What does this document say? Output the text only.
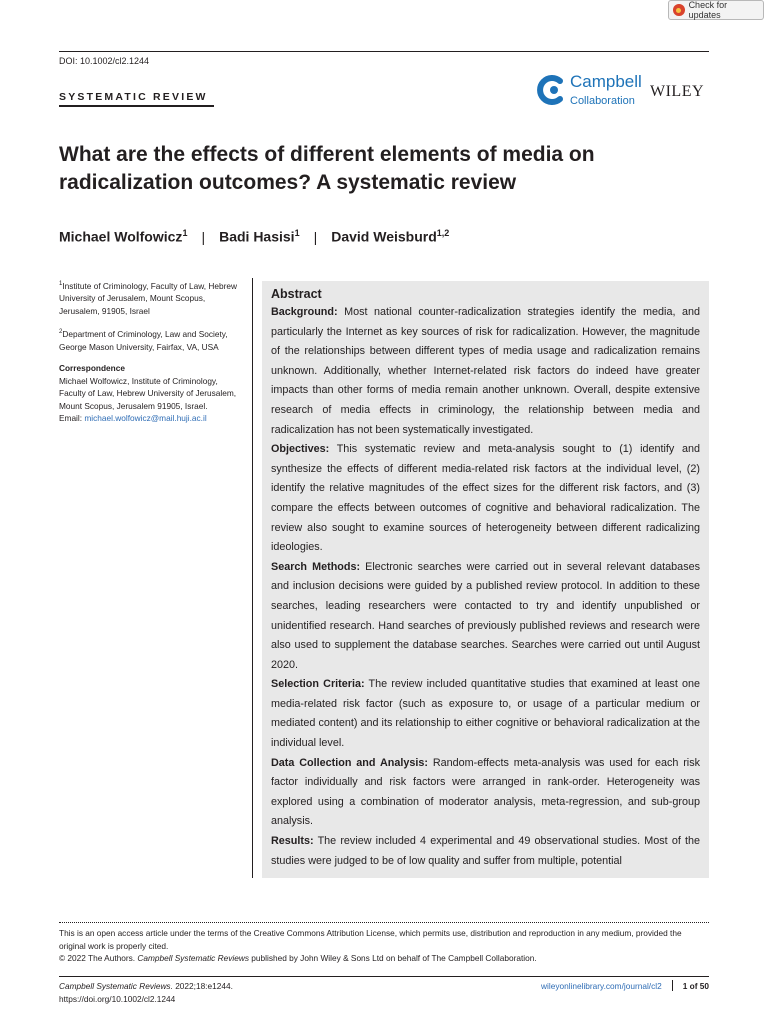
Check for updates
DOI: 10.1002/cl2.1244
SYSTEMATIC REVIEW
Campbell
Collaboration
WILEY
What are the effects of different elements of media on radicalization outcomes? A systematic review
Michael Wolfowicz$^1$ | Badi Hasisi$^1$ | David Weisburd$^{1,2}$

$^1$Institute of Criminology, Faculty of Law, Hebrew University of Jerusalem, Mount Scopus, Jerusalem, 91905, Israel

$^2$Department of Criminology, Law and Society, George Mason University, Fairfax, VA, USA

Correspondence

Michael Wolfowicz, Institute of Criminology, Faculty of Law, Hebrew University of Jerusalem, Mount Scopus, Jerusalem 91905, Israel.

Email: michael.wolfowicz@mail.huji.ac.il

Abstract

Background: Most national counter-radicalization strategies identify the media, and particularly the Internet as key sources of risk for radicalization. However, the magnitude of the relationships between different types of media usage and radicalization remains unknown. Additionally, whether Internet-related risk factors do indeed have greater impacts than other forms of media remain another unknown. Overall, despite extensive research of media effects in criminology, the relationship between media and radicalization has not been systematically investigated.

Objectives: This systematic review and meta-analysis sought to (1) identify and synthesize the effects of different media-related risk factors at the individual level, (2) identify the relative magnitudes of the effect sizes for the different risk factors, and (3) compare the effects between outcomes of cognitive and behavioral radicalization. The review also sought to examine sources of heterogeneity between different radicalizing ideologies.

Search Methods: Electronic searches were carried out in several relevant databases and inclusion decisions were guided by a published review protocol. In addition to these searches, leading researchers were contacted to try and identify unpublished or unidentified research. Hand searches of previously published reviews and research were also used to supplement the database searches. Searches were carried out until August 2020.

Selection Criteria: The review included quantitative studies that examined at least one media-related risk factor (such as exposure to, or usage of a particular medium or mediated content) and its relationship to either cognitive or behavioral radicalization at the individual level.

Data Collection and Analysis: Random-effects meta-analysis was used for each risk factor individually and risk factors were arranged in rank-order. Heterogeneity was explored using a combination of moderator analysis, meta-regression, and sub-group analysis.

Results: The review included 4 experimental and 49 observational studies. Most of the studies were judged to be of low quality and suffer from multiple, potential

This is an open access article under the terms of the Creative Commons Attribution License, which permits use, distribution and reproduction in any medium, provided the original work is properly cited.
© 2022 The Authors. Campbell Systematic Reviews published by John Wiley & Sons Ltd on behalf of The Campbell Collaboration.
Campbell Systematic Reviews. 2022;18:e1244.
https://doi.org/10.1002/cl2.1244
wileyonlinelibrary.com/journal/cl2	1 of 50
